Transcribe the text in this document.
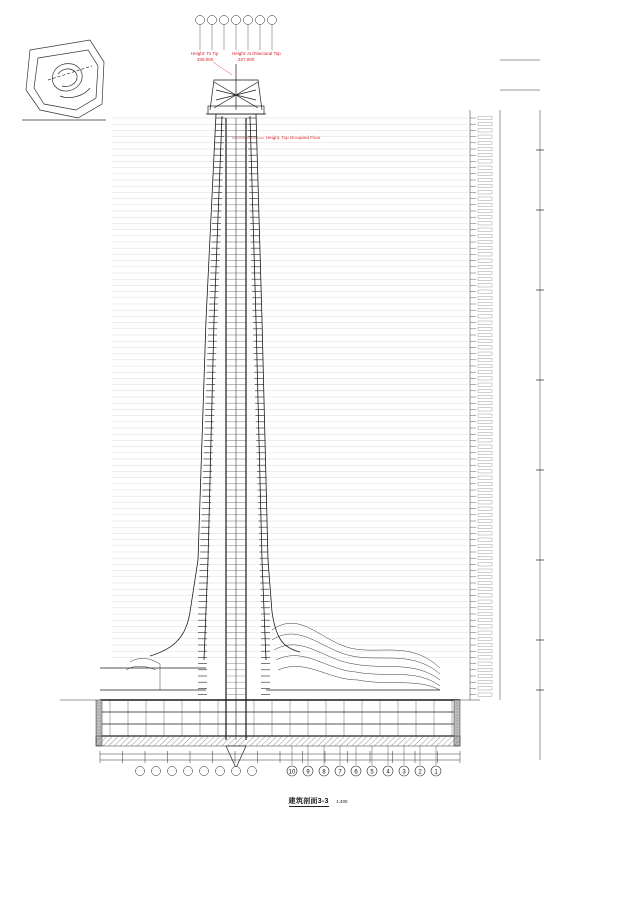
Height: To Tip
339.000
Height: Architectural Top
327.000
Height: Top Occupied Floor
10 9 8 7 6 5 4 3 2 1
建筑剖面3-3 1:400
